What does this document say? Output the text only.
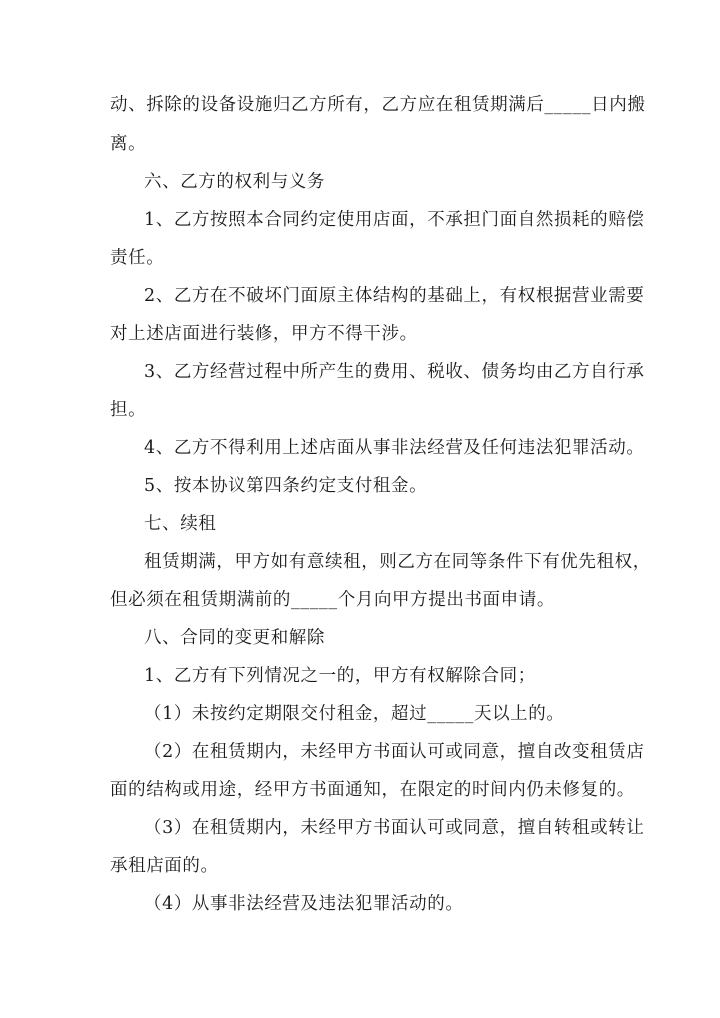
动、拆除的设备设施归乙方所有，乙方应在租赁期满后_____日内搬

离。

六、乙方的权利与义务

1、乙方按照本合同约定使用店面，不承担门面自然损耗的赔偿

责任。

2、乙方在不破坏门面原主体结构的基础上，有权根据营业需要

对上述店面进行装修，甲方不得干涉。

3、乙方经营过程中所产生的费用、税收、债务均由乙方自行承

担。

4、乙方不得利用上述店面从事非法经营及任何违法犯罪活动。

5、按本协议第四条约定支付租金。

七、续租

租赁期满，甲方如有意续租，则乙方在同等条件下有优先租权，

但必须在租赁期满前的_____个月向甲方提出书面申请。

八、合同的变更和解除

1、乙方有下列情况之一的，甲方有权解除合同；

（1）未按约定期限交付租金，超过_____天以上的。

（2）在租赁期内，未经甲方书面认可或同意，擅自改变租赁店

面的结构或用途，经甲方书面通知，在限定的时间内仍未修复的。

（3）在租赁期内，未经甲方书面认可或同意，擅自转租或转让

承租店面的。

（4）从事非法经营及违法犯罪活动的。
